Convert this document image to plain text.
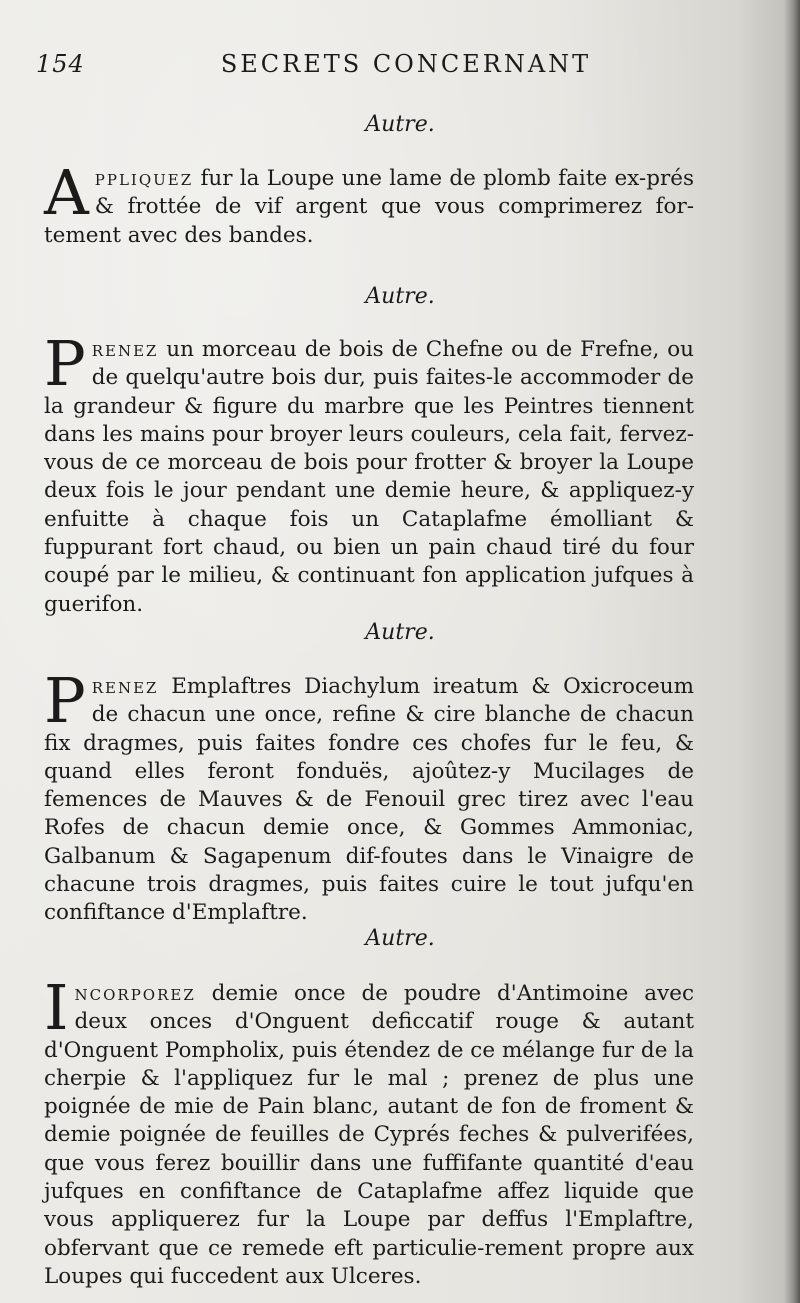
154	SECRETS CONCERNANT
Autre.
Appliquez fur la Loupe une lame de plomb faite ex-prés & frottée de vif argent que vous comprimerez for-tement avec des bandes.
Autre.
Prenez un morceau de bois de Chefne ou de Frefne, ou de quelqu'autre bois dur, puis faites-le accommoder de la grandeur & figure du marbre que les Peintres tiennent dans les mains pour broyer leurs couleurs, cela fait, fervez-vous de ce morceau de bois pour frotter & broyer la Loupe deux fois le jour pendant une demie heure, & appliquez-y enfuitte à chaque fois un Cataplafme émolliant & fuppurant fort chaud, ou bien un pain chaud tiré du four coupé par le milieu, & continuant fon application jufques à guerifon.
Autre.
Prenez Emplaftres Diachylum ireatum & Oxicroceum de chacun une once, refine & cire blanche de chacun fix dragmes, puis faites fondre ces chofes fur le feu, & quand elles feront fonduës, ajoûtez-y Mucilages de femences de Mauves & de Fenouil grec tirez avec l'eau Rofes de chacun demie once, & Gommes Ammoniac, Galbanum & Sagapenum dif-foutes dans le Vinaigre de chacune trois dragmes, puis faites cuire le tout jufqu'en confiftance d'Emplaftre.
Autre.
Incorporez demie once de poudre d'Antimoine avec deux onces d'Onguent deficcatif rouge & autant d'Onguent Pompholix, puis étendez de ce mélange fur de la cherpie & l'appliquez fur le mal ; prenez de plus une poignée de mie de Pain blanc, autant de fon de froment & demie poignée de feuilles de Cyprés feches & pulverifées, que vous ferez bouillir dans une fuffifante quantité d'eau jufques en confiftance de Cataplafme affez liquide que vous appliquerez fur la Loupe par deffus l'Emplaftre, obfervant que ce remede eft particulie-rement propre aux Loupes qui fuccedent aux Ulceres.
